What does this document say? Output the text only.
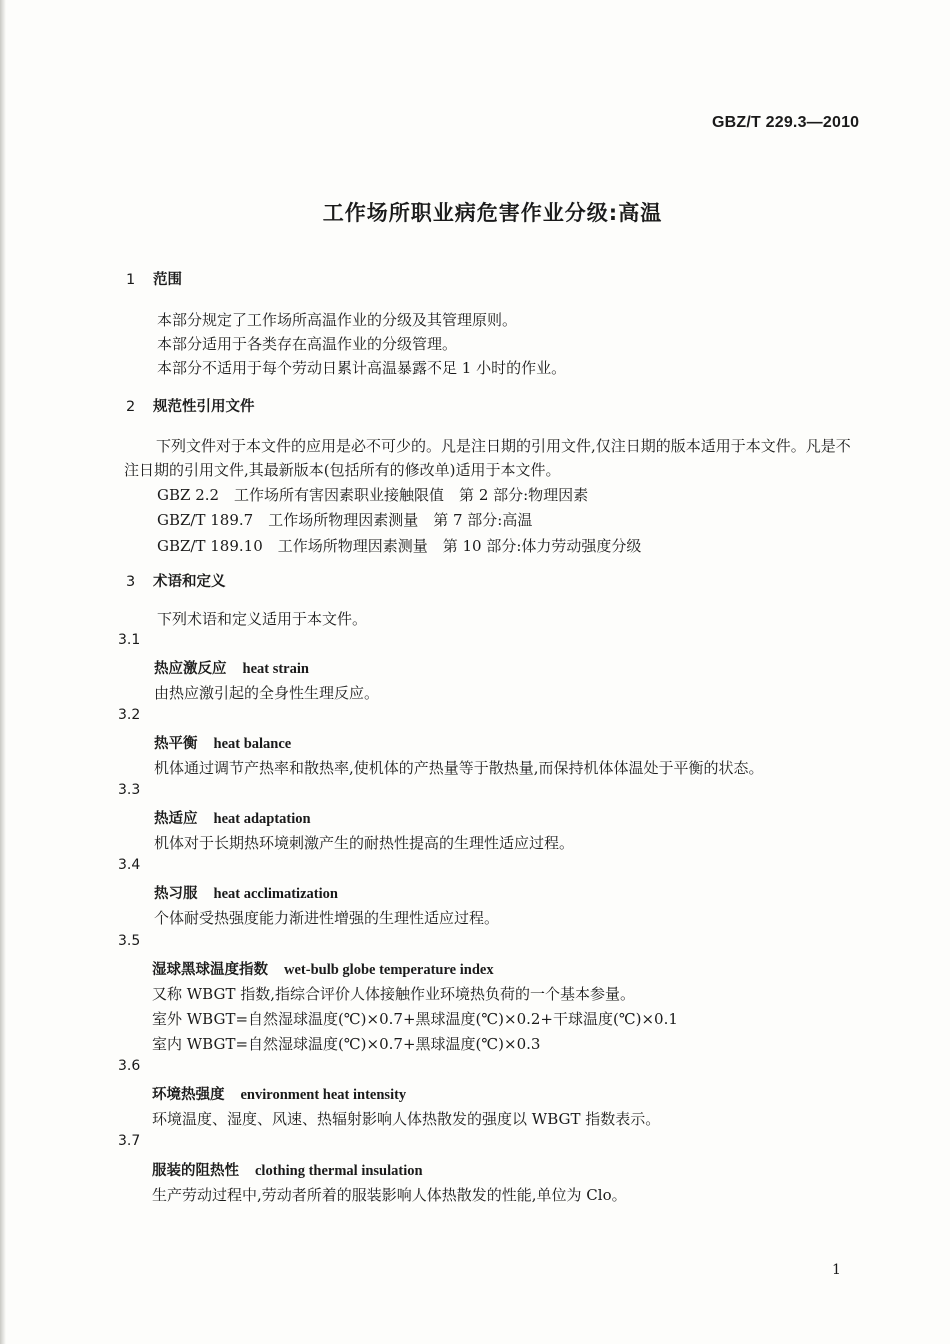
GBZ/T 229.3—2010
工作场所职业病危害作业分级:高温
1 范围
本部分规定了工作场所高温作业的分级及其管理原则。
本部分适用于各类存在高温作业的分级管理。
本部分不适用于每个劳动日累计高温暴露不足 1 小时的作业。
2 规范性引用文件
下列文件对于本文件的应用是必不可少的。凡是注日期的引用文件,仅注日期的版本适用于本文件。凡是不注日期的引用文件,其最新版本(包括所有的修改单)适用于本文件。
GBZ 2.2　工作场所有害因素职业接触限值　第 2 部分:物理因素
GBZ/T 189.7　工作场所物理因素测量　第 7 部分:高温
GBZ/T 189.10　工作场所物理因素测量　第 10 部分:体力劳动强度分级
3 术语和定义
下列术语和定义适用于本文件。
3.1
热应激反应 heat strain
由热应激引起的全身性生理反应。
3.2
热平衡 heat balance
机体通过调节产热率和散热率,使机体的产热量等于散热量,而保持机体体温处于平衡的状态。
3.3
热适应 heat adaptation
机体对于长期热环境刺激产生的耐热性提高的生理性适应过程。
3.4
热习服 heat acclimatization
个体耐受热强度能力渐进性增强的生理性适应过程。
3.5
湿球黑球温度指数 wet-bulb globe temperature index
又称 WBGT 指数,指综合评价人体接触作业环境热负荷的一个基本参量。
室外 WBGT=自然湿球温度(℃)×0.7+黑球温度(℃)×0.2+干球温度(℃)×0.1
室内 WBGT=自然湿球温度(℃)×0.7+黑球温度(℃)×0.3
3.6
环境热强度 environment heat intensity
环境温度、湿度、风速、热辐射影响人体热散发的强度以 WBGT 指数表示。
3.7
服装的阻热性 clothing thermal insulation
生产劳动过程中,劳动者所着的服装影响人体热散发的性能,单位为 Clo。
1
